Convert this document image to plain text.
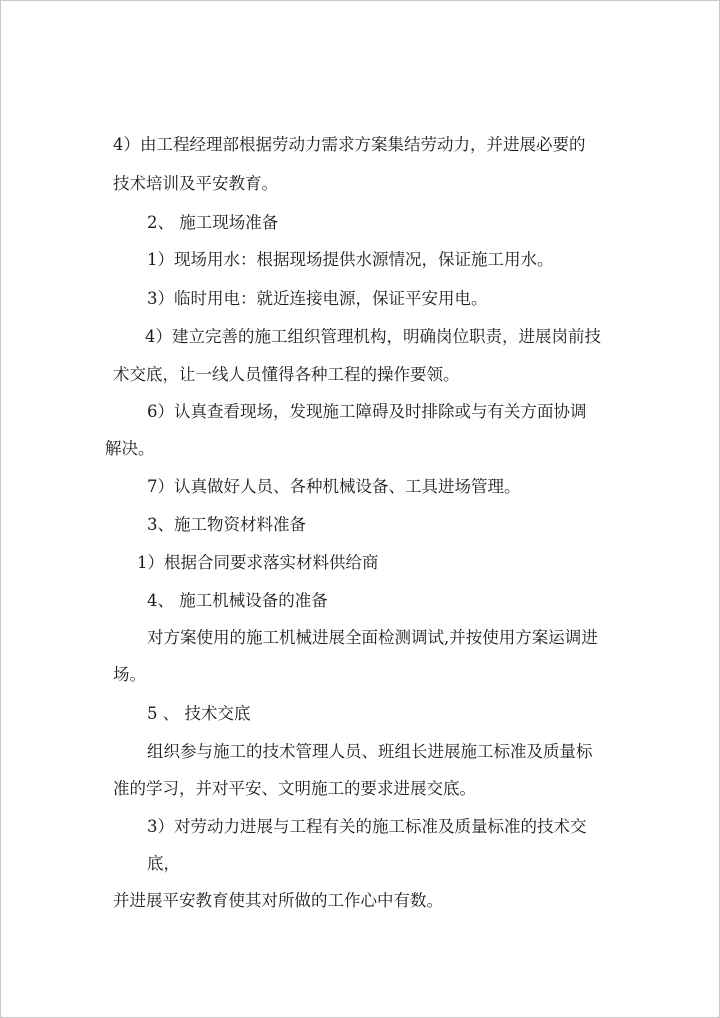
4）由工程经理部根据劳动力需求方案集结劳动力，并进展必要的
技术培训及平安教育。
2、 施工现场准备
1）现场用水：根据现场提供水源情况，保证施工用水。
3）临时用电：就近连接电源，保证平安用电。
4）建立完善的施工组织管理机构，明确岗位职责，进展岗前技
术交底，让一线人员懂得各种工程的操作要领。
6）认真查看现场，发现施工障碍及时排除或与有关方面协调
解决。
7）认真做好人员、各种机械设备、工具进场管理。
3、施工物资材料准备
1）根据合同要求落实材料供给商
4、 施工机械设备的准备
对方案使用的施工机械进展全面检测调试,并按使用方案运调进
场。
5 、 技术交底
组织参与施工的技术管理人员、班组长进展施工标准及质量标
准的学习，并对平安、文明施工的要求进展交底。
3）对劳动力进展与工程有关的施工标准及质量标准的技术交
底，
并进展平安教育使其对所做的工作心中有数。
